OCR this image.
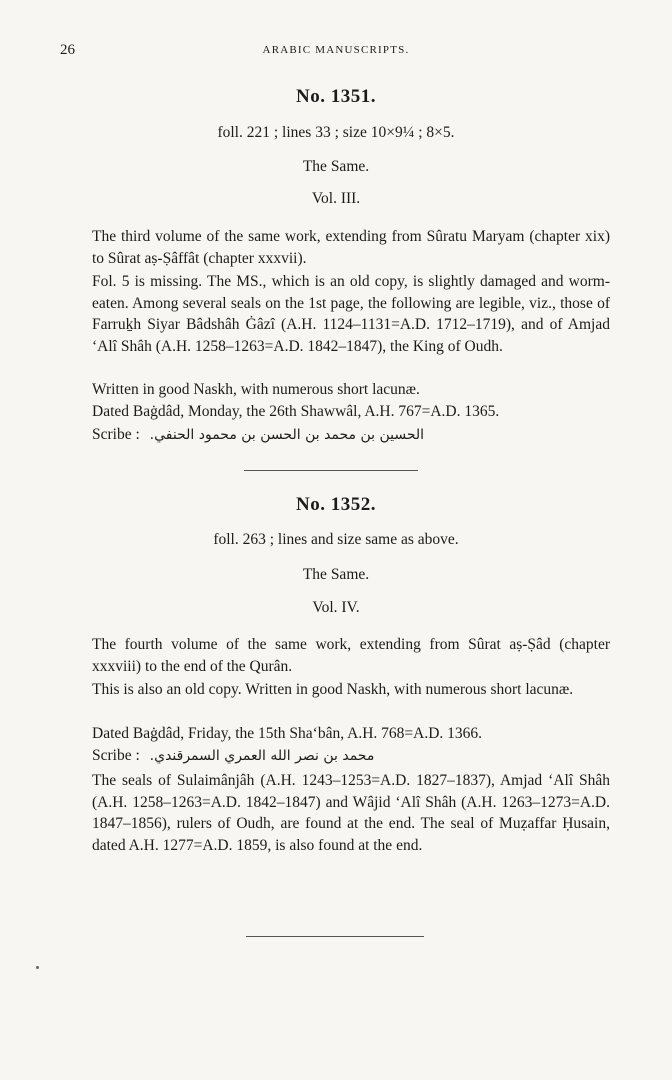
26	ARABIC MANUSCRIPTS.
No. 1351.
foll. 221 ; lines 33 ; size 10×9¼ ; 8×5.
The Same.
Vol. III.

The third volume of the same work, extending from Sûratu Maryam (chapter xix) to Sûrat aṣ-Ṣâffât (chapter xxxvii).

Fol. 5 is missing. The MS., which is an old copy, is slightly damaged and worm-eaten. Among several seals on the 1st page, the following are legible, viz., those of Farruḵh Siyar Bâdshâh Ġâzî (A.H. 1124–1131=A.D. 1712–1719), and of Amjad ‘Alî Shâh (A.H. 1258–1263=A.D. 1842–1847), the King of Oudh.

Written in good Naskh, with numerous short lacunæ.

Dated Baġdâd, Monday, the 26th Shawwâl, A.H. 767=A.D. 1365.

Scribe : الحسين بن محمد بن الحسن بن محمود الحنفي.

No. 1352.
foll. 263 ; lines and size same as above.
The Same.
Vol. IV.

The fourth volume of the same work, extending from Sûrat aṣ-Ṣâd (chapter xxxviii) to the end of the Qurân.

This is also an old copy. Written in good Naskh, with numerous short lacunæ.

Dated Baġdâd, Friday, the 15th Sha‘bân, A.H. 768=A.D. 1366.

Scribe : محمد بن نصر الله العمري السمرقندي.

The seals of Sulaimânjâh (A.H. 1243–1253=A.D. 1827–1837), Amjad ‘Alî Shâh (A.H. 1258–1263=A.D. 1842–1847) and Wâjid ‘Alî Shâh (A.H. 1263–1273=A.D. 1847–1856), rulers of Oudh, are found at the end. The seal of Muẓaffar Ḥusain, dated A.H. 1277=A.D. 1859, is also found at the end.
